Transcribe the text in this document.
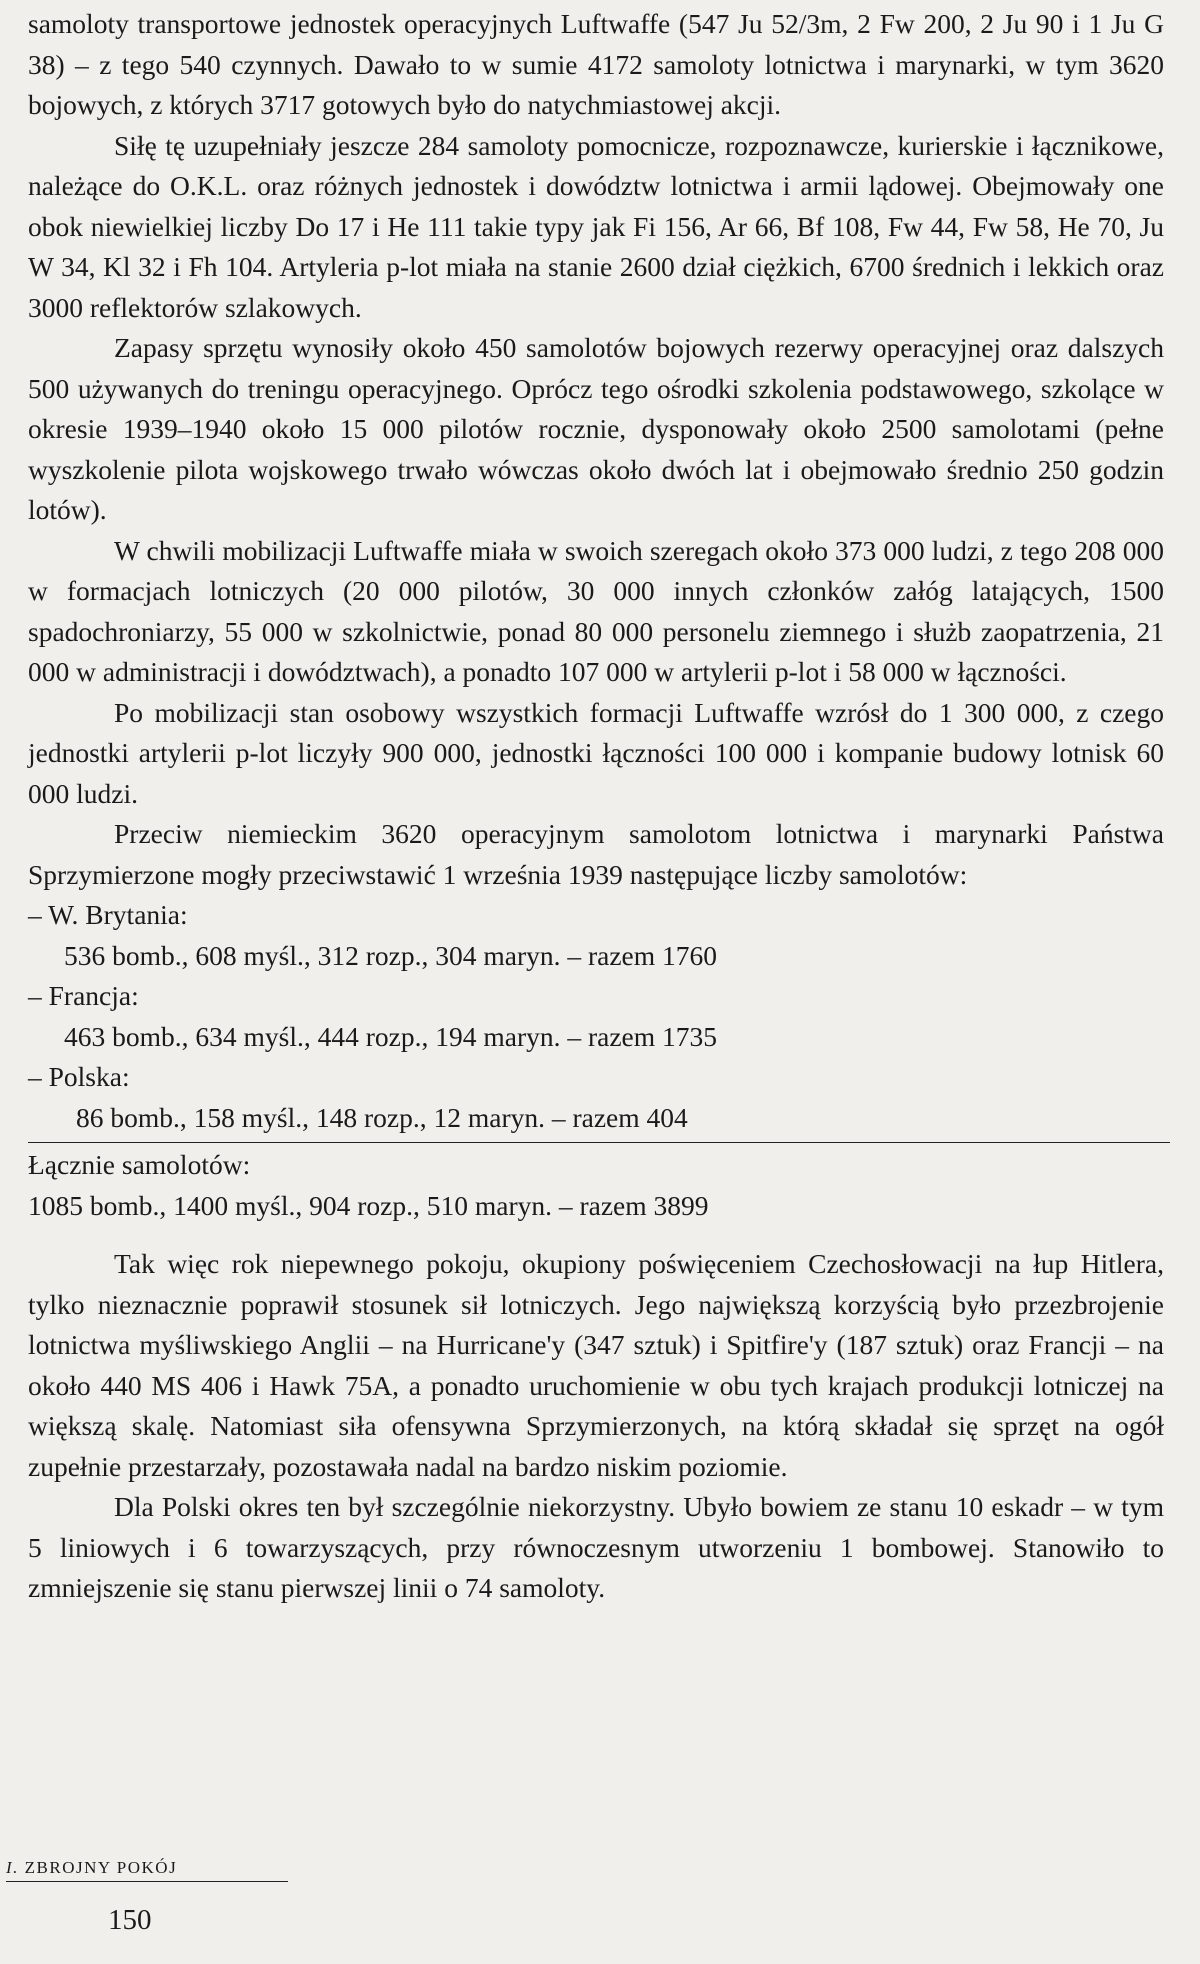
samoloty transportowe jednostek operacyjnych Luftwaffe (547 Ju 52/3m, 2 Fw 200, 2 Ju 90 i 1 Ju G 38) – z tego 540 czynnych. Dawało to w sumie 4172 samoloty lotnictwa i marynarki, w tym 3620 bojowych, z których 3717 gotowych było do natychmiastowej akcji.

Siłę tę uzupełniały jeszcze 284 samoloty pomocnicze, rozpoznawcze, kurierskie i łącznikowe, należące do O.K.L. oraz różnych jednostek i dowództw lotnictwa i armii lądowej. Obejmowały one obok niewielkiej liczby Do 17 i He 111 takie typy jak Fi 156, Ar 66, Bf 108, Fw 44, Fw 58, He 70, Ju W 34, Kl 32 i Fh 104. Artyleria p-lot miała na stanie 2600 dział ciężkich, 6700 średnich i lekkich oraz 3000 reflektorów szlakowych.

Zapasy sprzętu wynosiły około 450 samolotów bojowych rezerwy operacyjnej oraz dalszych 500 używanych do treningu operacyjnego. Oprócz tego ośrodki szkolenia podstawowego, szkolące w okresie 1939–1940 około 15 000 pilotów rocznie, dysponowały około 2500 samolotami (pełne wyszkolenie pilota wojskowego trwało wówczas około dwóch lat i obejmowało średnio 250 godzin lotów).

W chwili mobilizacji Luftwaffe miała w swoich szeregach około 373 000 ludzi, z tego 208 000 w formacjach lotniczych (20 000 pilotów, 30 000 innych członków załóg latających, 1500 spadochroniarzy, 55 000 w szkolnictwie, ponad 80 000 personelu ziemnego i służb zaopatrzenia, 21 000 w administracji i dowództwach), a ponadto 107 000 w artylerii p-lot i 58 000 w łączności.

Po mobilizacji stan osobowy wszystkich formacji Luftwaffe wzrósł do 1 300 000, z czego jednostki artylerii p-lot liczyły 900 000, jednostki łączności 100 000 i kompanie budowy lotnisk 60 000 ludzi.

Przeciw niemieckim 3620 operacyjnym samolotom lotnictwa i marynarki Państwa Sprzymierzone mogły przeciwstawić 1 września 1939 następujące liczby samolotów:

– W. Brytania:
536 bomb., 608 myśl., 312 rozp., 304 maryn. – razem 1760
– Francja:
463 bomb., 634 myśl., 444 rozp., 194 maryn. – razem 1735
– Polska:
86 bomb., 158 myśl., 148 rozp., 12 maryn. – razem 404
Łącznie samolotów:
1085 bomb., 1400 myśl., 904 rozp., 510 maryn. – razem 3899

Tak więc rok niepewnego pokoju, okupiony poświęceniem Czechosłowacji na łup Hitlera, tylko nieznacznie poprawił stosunek sił lotniczych. Jego największą korzyścią było przezbrojenie lotnictwa myśliwskiego Anglii – na Hurricane'y (347 sztuk) i Spitfire'y (187 sztuk) oraz Francji – na około 440 MS 406 i Hawk 75A, a ponadto uruchomienie w obu tych krajach produkcji lotniczej na większą skalę. Natomiast siła ofensywna Sprzymierzonych, na którą składał się sprzęt na ogół zupełnie przestarzały, pozostawała nadal na bardzo niskim poziomie.

Dla Polski okres ten był szczególnie niekorzystny. Ubyło bowiem ze stanu 10 eskadr – w tym 5 liniowych i 6 towarzyszących, przy równoczesnym utworzeniu 1 bombowej. Stanowiło to zmniejszenie się stanu pierwszej linii o 74 samoloty.

I. ZBROJNY POKÓJ
150
